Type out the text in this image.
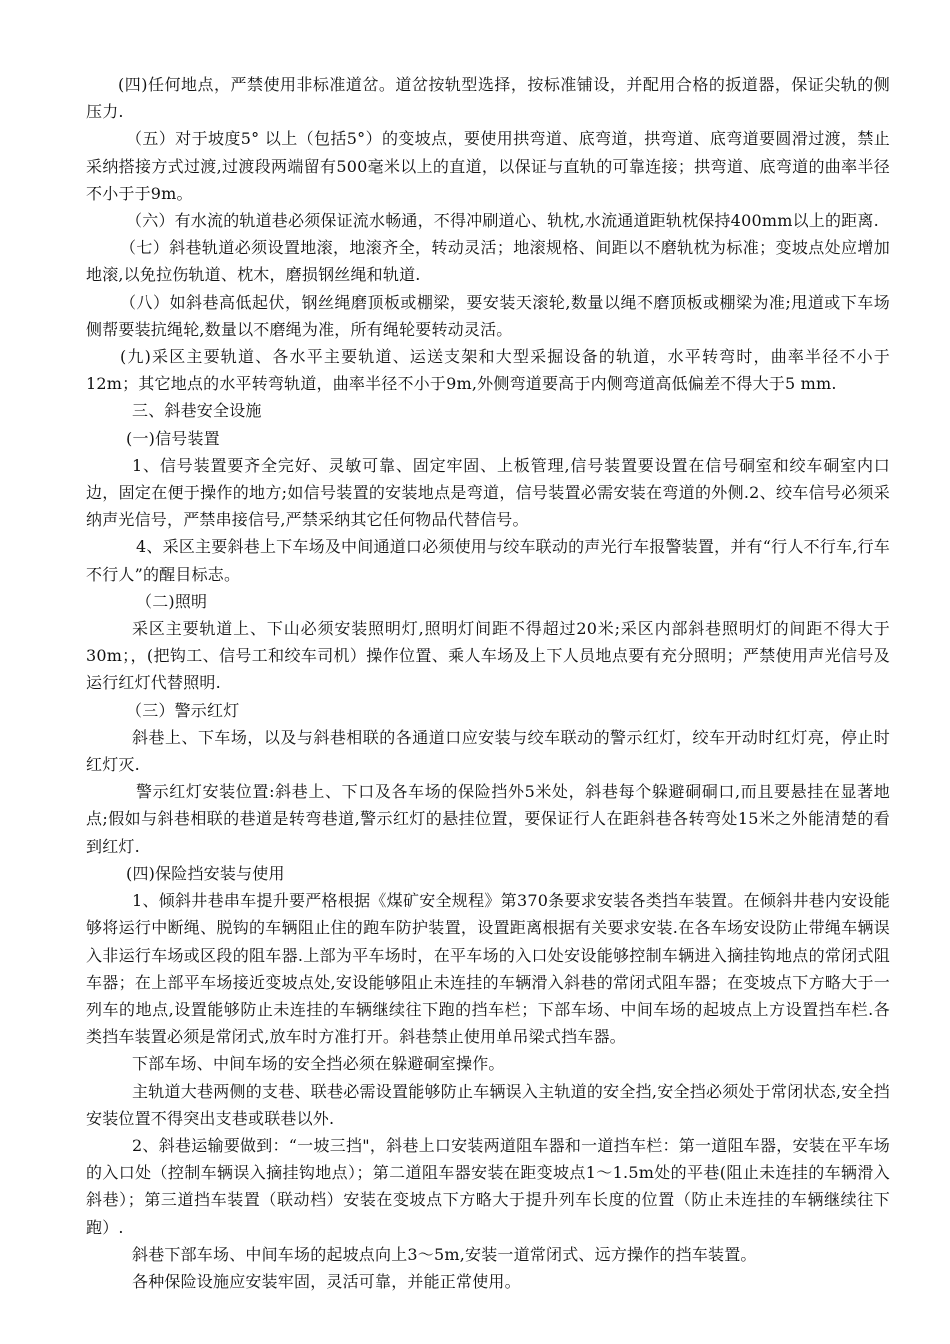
(四)任何地点，严禁使用非标准道岔。道岔按轨型选择，按标准铺设，并配用合格的扳道器，保证尖轨的侧压力.

（五）对于坡度5° 以上（包括5°）的变坡点，要使用拱弯道、底弯道，拱弯道、底弯道要圆滑过渡，禁止采纳搭接方式过渡,过渡段两端留有500毫米以上的直道，以保证与直轨的可靠连接；拱弯道、底弯道的曲率半径不小于于9m。

（六）有水流的轨道巷必须保证流水畅通，不得冲刷道心、轨枕,水流通道距轨枕保持400mm以上的距离.

（七）斜巷轨道必须设置地滚，地滚齐全，转动灵活；地滚规格、间距以不磨轨枕为标准；变坡点处应增加地滚,以免拉伤轨道、枕木，磨损钢丝绳和轨道.

（八）如斜巷高低起伏，钢丝绳磨顶板或棚梁，要安装天滚轮,数量以绳不磨顶板或棚梁为准;甩道或下车场侧帮要装抗绳轮,数量以不磨绳为准，所有绳轮要转动灵活。

(九)采区主要轨道、各水平主要轨道、运送支架和大型采掘设备的轨道，水平转弯时，曲率半径不小于12m；其它地点的水平转弯轨道，曲率半径不小于9m,外侧弯道要高于内侧弯道高低偏差不得大于5 mm.

三、斜巷安全设施

(一)信号装置

1、信号装置要齐全完好、灵敏可靠、固定牢固、上板管理,信号装置要设置在信号硐室和绞车硐室内口边，固定在便于操作的地方;如信号装置的安装地点是弯道，信号装置必需安装在弯道的外侧.2、绞车信号必须采纳声光信号，严禁串接信号,严禁采纳其它任何物品代替信号。

4、采区主要斜巷上下车场及中间通道口必须使用与绞车联动的声光行车报警装置，并有“行人不行车,行车不行人”的醒目标志。

（二)照明

采区主要轨道上、下山必须安装照明灯,照明灯间距不得超过20米;采区内部斜巷照明灯的间距不得大于30m；，(把钩工、信号工和绞车司机）操作位置、乘人车场及上下人员地点要有充分照明；严禁使用声光信号及运行红灯代替照明.

（三）警示红灯

斜巷上、下车场，以及与斜巷相联的各通道口应安装与绞车联动的警示红灯，绞车开动时红灯亮，停止时红灯灭.

警示红灯安装位置:斜巷上、下口及各车场的保险挡外5米处，斜巷每个躲避硐硐口,而且要悬挂在显著地点;假如与斜巷相联的巷道是转弯巷道,警示红灯的悬挂位置，要保证行人在距斜巷各转弯处15米之外能清楚的看到红灯.

(四)保险挡安装与使用

1、倾斜井巷串车提升要严格根据《煤矿安全规程》第370条要求安装各类挡车装置。在倾斜井巷内安设能够将运行中断绳、脱钩的车辆阻止住的跑车防护装置，设置距离根据有关要求安装.在各车场安设防止带绳车辆误入非运行车场或区段的阻车器.上部为平车场时，在平车场的入口处安设能够控制车辆进入摘挂钩地点的常闭式阻车器；在上部平车场接近变坡点处,安设能够阻止未连挂的车辆滑入斜巷的常闭式阻车器；在变坡点下方略大于一列车的地点,设置能够防止未连挂的车辆继续往下跑的挡车栏；下部车场、中间车场的起坡点上方设置挡车栏.各类挡车装置必须是常闭式,放车时方准打开。斜巷禁止使用单吊梁式挡车器。

下部车场、中间车场的安全挡必须在躲避硐室操作。

主轨道大巷两侧的支巷、联巷必需设置能够防止车辆误入主轨道的安全挡,安全挡必须处于常闭状态,安全挡安装位置不得突出支巷或联巷以外.

2、斜巷运输要做到：“一坡三挡"，斜巷上口安装两道阻车器和一道挡车栏：第一道阻车器，安装在平车场的入口处（控制车辆误入摘挂钩地点）；第二道阻车器安装在距变坡点1～1.5m处的平巷(阻止未连挂的车辆滑入斜巷）；第三道挡车装置（联动档）安装在变坡点下方略大于提升列车长度的位置（防止未连挂的车辆继续往下跑）.

斜巷下部车场、中间车场的起坡点向上3～5m,安装一道常闭式、远方操作的挡车装置。

各种保险设施应安装牢固，灵活可靠，并能正常使用。
